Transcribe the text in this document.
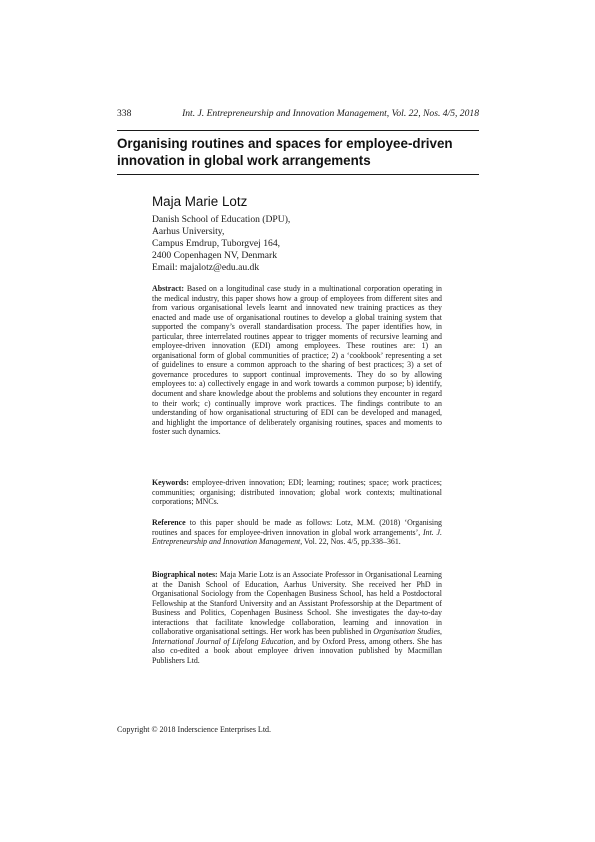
338	Int. J. Entrepreneurship and Innovation Management, Vol. 22, Nos. 4/5, 2018
Organising routines and spaces for employee-driven innovation in global work arrangements
Maja Marie Lotz
Danish School of Education (DPU),
Aarhus University,
Campus Emdrup, Tuborgvej 164,
2400 Copenhagen NV, Denmark
Email: majalotz@edu.au.dk
Abstract: Based on a longitudinal case study in a multinational corporation operating in the medical industry, this paper shows how a group of employees from different sites and from various organisational levels learnt and innovated new training practices as they enacted and made use of organisational routines to develop a global training system that supported the company’s overall standardisation process. The paper identifies how, in particular, three interrelated routines appear to trigger moments of recursive learning and employee-driven innovation (EDI) among employees. These routines are: 1) an organisational form of global communities of practice; 2) a ‘cookbook’ representing a set of guidelines to ensure a common approach to the sharing of best practices; 3) a set of governance procedures to support continual improvements. They do so by allowing employees to: a) collectively engage in and work towards a common purpose; b) identify, document and share knowledge about the problems and solutions they encounter in regard to their work; c) continually improve work practices. The findings contribute to an understanding of how organisational structuring of EDI can be developed and managed, and highlight the importance of deliberately organising routines, spaces and moments to foster such dynamics.
Keywords: employee-driven innovation; EDI; learning; routines; space; work practices; communities; organising; distributed innovation; global work contexts; multinational corporations; MNCs.
Reference to this paper should be made as follows: Lotz, M.M. (2018) ‘Organising routines and spaces for employee-driven innovation in global work arrangements’, Int. J. Entrepreneurship and Innovation Management, Vol. 22, Nos. 4/5, pp.338–361.
Biographical notes: Maja Marie Lotz is an Associate Professor in Organisational Learning at the Danish School of Education, Aarhus University. She received her PhD in Organisational Sociology from the Copenhagen Business School, has held a Postdoctoral Fellowship at the Stanford University and an Assistant Professorship at the Department of Business and Politics, Copenhagen Business School. She investigates the day-to-day interactions that facilitate knowledge collaboration, learning and innovation in collaborative organisational settings. Her work has been published in Organisation Studies, International Journal of Lifelong Education, and by Oxford Press, among others. She has also co-edited a book about employee driven innovation published by Macmillan Publishers Ltd.
Copyright © 2018 Inderscience Enterprises Ltd.
